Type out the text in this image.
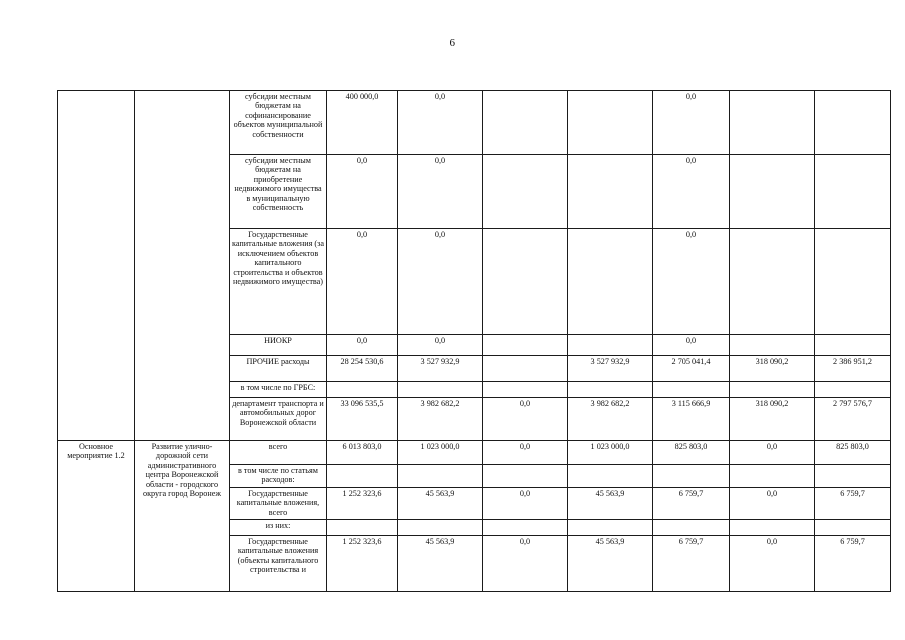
6
		субсидии местным бюджетам на софинансирование объектов муниципальной собственности	400 000,0	0,0			0,0		
		субсидии местным бюджетам на приобретение недвижимого имущества в муниципальную собственность	0,0	0,0			0,0		
		Государственные капитальные вложения (за исключением объектов капитального строительства и объектов недвижимого имущества)	0,0	0,0			0,0		
		НИОКР	0,0	0,0			0,0		
		ПРОЧИЕ расходы	28 254 530,6	3 527 932,9		3 527 932,9	2 705 041,4	318 090,2	2 386 951,2
		в том числе по ГРБС:							
		департамент транспорта и автомобильных дорог Воронежской области	33 096 535,5	3 982 682,2	0,0	3 982 682,2	3 115 666,9	318 090,2	2 797 576,7
Основное мероприятие 1.2	Развитие улично-дорожной сети административного центра Воронежской области - городского округа город Воронеж	всего	6 013 803,0	1 023 000,0	0,0	1 023 000,0	825 803,0	0,0	825 803,0
		в том числе по статьям расходов:							
		Государственные капитальные вложения, всего	1 252 323,6	45 563,9	0,0	45 563,9	6 759,7	0,0	6 759,7
		из них:							
		Государственные капитальные вложения (объекты капитального строительства и	1 252 323,6	45 563,9	0,0	45 563,9	6 759,7	0,0	6 759,7
